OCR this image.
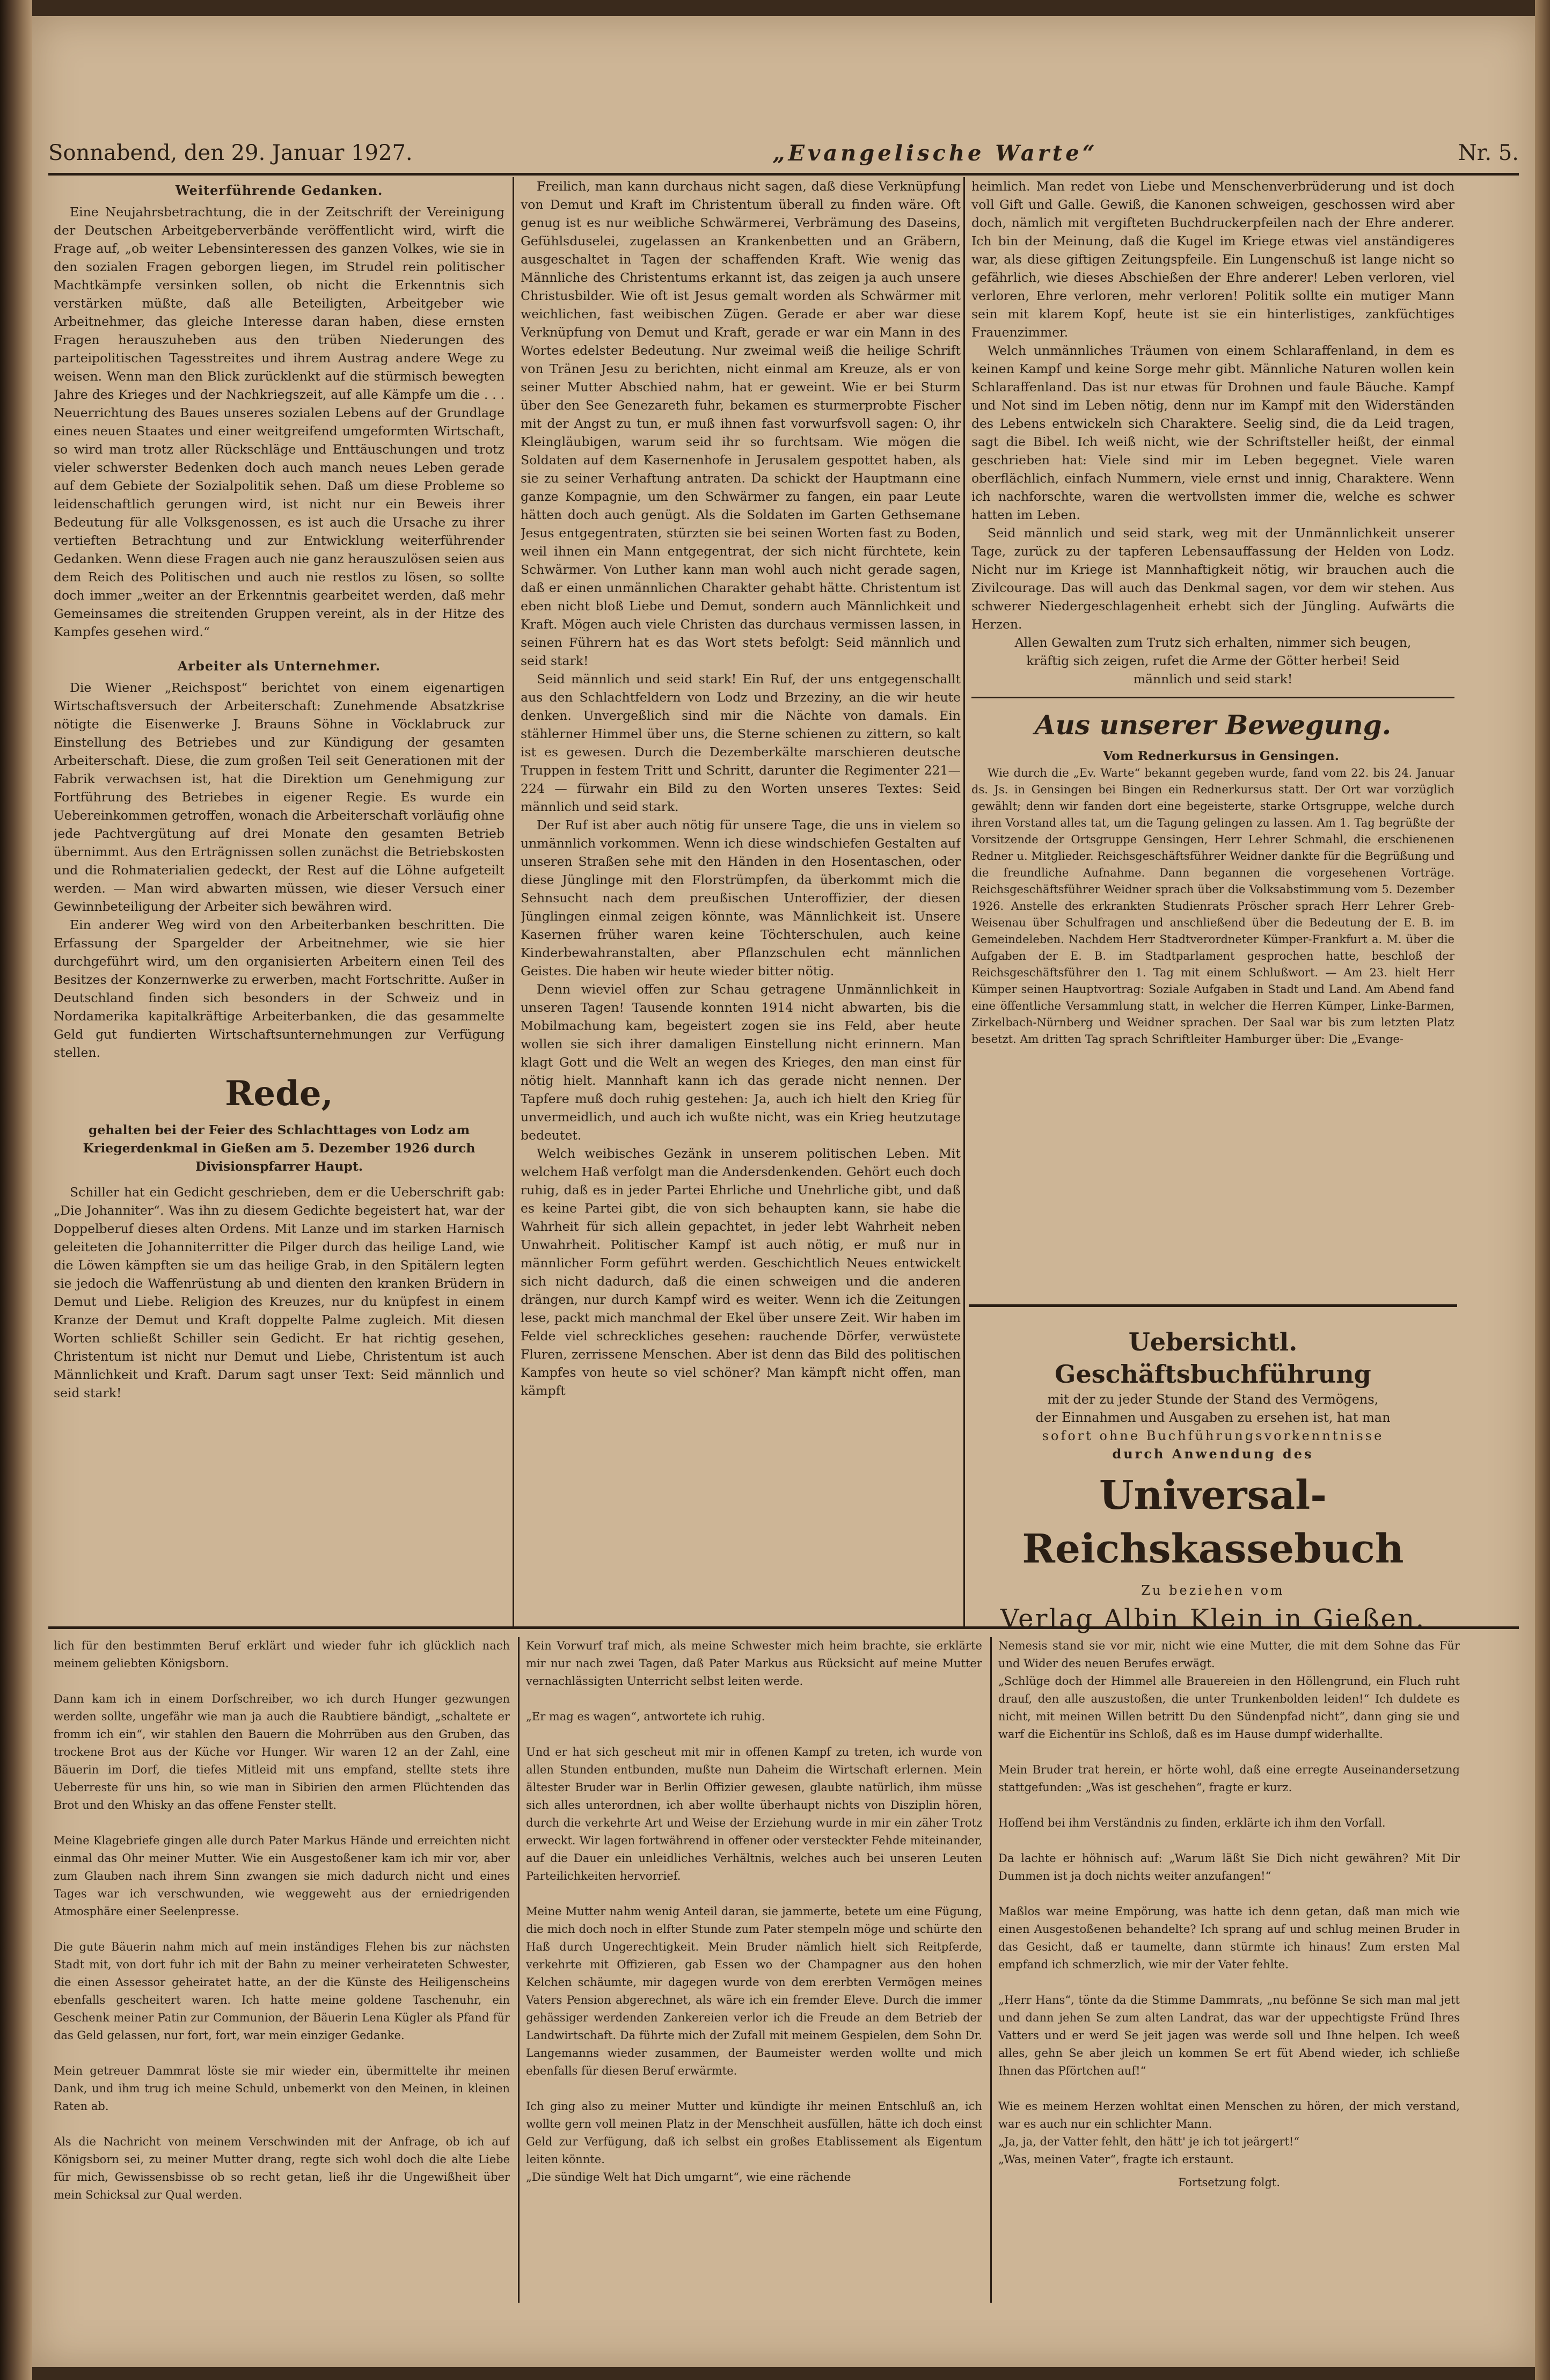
Sonnabend, den 29. Januar 1927.	„Evangelische Warte“	Nr. 5.
Weiterführende Gedanken.

Eine Neujahrsbetrachtung, die in der Zeitschrift der Vereinigung der Deutschen Arbeitgeberverbände veröffentlicht wird, wirft die Frage auf, „ob weiter Lebensinteressen des ganzen Volkes, wie sie in den sozialen Fragen geborgen liegen, im Strudel rein politischer Machtkämpfe versinken sollen, ob nicht die Erkenntnis sich verstärken müßte, daß alle Beteiligten, Arbeitgeber wie Arbeitnehmer, das gleiche Interesse daran haben, diese ernsten Fragen herauszuheben aus den trüben Niederungen des parteipolitischen Tagesstreites und ihrem Austrag andere Wege zu weisen. Wenn man den Blick zurücklenkt auf die stürmisch bewegten Jahre des Krieges und der Nachkriegszeit, auf alle Kämpfe um die . . . Neuerrichtung des Baues unseres sozialen Lebens auf der Grundlage eines neuen Staates und einer weitgreifend umgeformten Wirtschaft, so wird man trotz aller Rückschläge und Enttäuschungen und trotz vieler schwerster Bedenken doch auch manch neues Leben gerade auf dem Gebiete der Sozialpolitik sehen. Daß um diese Probleme so leidenschaftlich gerungen wird, ist nicht nur ein Beweis ihrer Bedeutung für alle Volksgenossen, es ist auch die Ursache zu ihrer vertieften Betrachtung und zur Entwicklung weiterführender Gedanken. Wenn diese Fragen auch nie ganz herauszulösen seien aus dem Reich des Politischen und auch nie restlos zu lösen, so sollte doch immer „weiter an der Erkenntnis gearbeitet werden, daß mehr Gemeinsames die streitenden Gruppen vereint, als in der Hitze des Kampfes gesehen wird.“

Arbeiter als Unternehmer.

Die Wiener „Reichspost“ berichtet von einem eigenartigen Wirtschaftsversuch der Arbeiterschaft: Zunehmende Absatzkrise nötigte die Eisenwerke J. Brauns Söhne in Vöcklabruck zur Einstellung des Betriebes und zur Kündigung der gesamten Arbeiterschaft. Diese, die zum großen Teil seit Generationen mit der Fabrik verwachsen ist, hat die Direktion um Genehmigung zur Fortführung des Betriebes in eigener Regie. Es wurde ein Uebereinkommen getroffen, wonach die Arbeiterschaft vorläufig ohne jede Pachtvergütung auf drei Monate den gesamten Betrieb übernimmt. Aus den Erträgnissen sollen zunächst die Betriebskosten und die Rohmaterialien gedeckt, der Rest auf die Löhne aufgeteilt werden. — Man wird abwarten müssen, wie dieser Versuch einer Gewinnbeteiligung der Arbeiter sich bewähren wird.

Ein anderer Weg wird von den Arbeiterbanken beschritten. Die Erfassung der Spargelder der Arbeitnehmer, wie sie hier durchgeführt wird, um den organisierten Arbeitern einen Teil des Besitzes der Konzernwerke zu erwerben, macht Fortschritte. Außer in Deutschland finden sich besonders in der Schweiz und in Nordamerika kapitalkräftige Arbeiterbanken, die das gesammelte Geld gut fundierten Wirtschaftsunternehmungen zur Verfügung stellen.

Rede,

gehalten bei der Feier des Schlachttages von Lodz am Kriegerdenkmal in Gießen am 5. Dezember 1926 durch Divisionspfarrer Haupt.

Schiller hat ein Gedicht geschrieben, dem er die Ueberschrift gab: „Die Johanniter“. Was ihn zu diesem Gedichte begeistert hat, war der Doppelberuf dieses alten Ordens. Mit Lanze und im starken Harnisch geleiteten die Johanniterritter die Pilger durch das heilige Land, wie die Löwen kämpften sie um das heilige Grab, in den Spitälern legten sie jedoch die Waffenrüstung ab und dienten den kranken Brüdern in Demut und Liebe. Religion des Kreuzes, nur du knüpfest in einem Kranze der Demut und Kraft doppelte Palme zugleich. Mit diesen Worten schließt Schiller sein Gedicht. Er hat richtig gesehen, Christentum ist nicht nur Demut und Liebe, Christentum ist auch Männlichkeit und Kraft. Darum sagt unser Text: Seid männlich und seid stark!

Freilich, man kann durchaus nicht sagen, daß diese Verknüpfung von Demut und Kraft im Christentum überall zu finden wäre. Oft genug ist es nur weibliche Schwärmerei, Verbrämung des Daseins, Gefühlsduselei, zugelassen an Krankenbetten und an Gräbern, ausgeschaltet in Tagen der schaffenden Kraft. Wie wenig das Männliche des Christentums erkannt ist, das zeigen ja auch unsere Christusbilder. Wie oft ist Jesus gemalt worden als Schwärmer mit weichlichen, fast weibischen Zügen. Gerade er aber war diese Verknüpfung von Demut und Kraft, gerade er war ein Mann in des Wortes edelster Bedeutung. Nur zweimal weiß die heilige Schrift von Tränen Jesu zu berichten, nicht einmal am Kreuze, als er von seiner Mutter Abschied nahm, hat er geweint. Wie er bei Sturm über den See Genezareth fuhr, bekamen es sturmerprobte Fischer mit der Angst zu tun, er muß ihnen fast vorwurfsvoll sagen: O, ihr Kleingläubigen, warum seid ihr so furchtsam. Wie mögen die Soldaten auf dem Kasernenhofe in Jerusalem gespottet haben, als sie zu seiner Verhaftung antraten. Da schickt der Hauptmann eine ganze Kompagnie, um den Schwärmer zu fangen, ein paar Leute hätten doch auch genügt. Als die Soldaten im Garten Gethsemane Jesus entgegentraten, stürzten sie bei seinen Worten fast zu Boden, weil ihnen ein Mann entgegentrat, der sich nicht fürchtete, kein Schwärmer. Von Luther kann man wohl auch nicht gerade sagen, daß er einen unmännlichen Charakter gehabt hätte. Christentum ist eben nicht bloß Liebe und Demut, sondern auch Männlichkeit und Kraft. Mögen auch viele Christen das durchaus vermissen lassen, in seinen Führern hat es das Wort stets befolgt: Seid männlich und seid stark!

Seid männlich und seid stark! Ein Ruf, der uns entgegenschallt aus den Schlachtfeldern von Lodz und Brzeziny, an die wir heute denken. Unvergeßlich sind mir die Nächte von damals. Ein stählerner Himmel über uns, die Sterne schienen zu zittern, so kalt ist es gewesen. Durch die Dezemberkälte marschieren deutsche Truppen in festem Tritt und Schritt, darunter die Regimenter 221—224 — fürwahr ein Bild zu den Worten unseres Textes: Seid männlich und seid stark.

Der Ruf ist aber auch nötig für unsere Tage, die uns in vielem so unmännlich vorkommen. Wenn ich diese windschiefen Gestalten auf unseren Straßen sehe mit den Händen in den Hosentaschen, oder diese Jünglinge mit den Florstrümpfen, da überkommt mich die Sehnsucht nach dem preußischen Unteroffizier, der diesen Jünglingen einmal zeigen könnte, was Männlichkeit ist. Unsere Kasernen früher waren keine Töchterschulen, auch keine Kinderbewahranstalten, aber Pflanzschulen echt männlichen Geistes. Die haben wir heute wieder bitter nötig.

Denn wieviel offen zur Schau getragene Unmännlichkeit in unseren Tagen! Tausende konnten 1914 nicht abwarten, bis die Mobilmachung kam, begeistert zogen sie ins Feld, aber heute wollen sie sich ihrer damaligen Einstellung nicht erinnern. Man klagt Gott und die Welt an wegen des Krieges, den man einst für nötig hielt. Mannhaft kann ich das gerade nicht nennen. Der Tapfere muß doch ruhig gestehen: Ja, auch ich hielt den Krieg für unvermeidlich, und auch ich wußte nicht, was ein Krieg heutzutage bedeutet.

Welch weibisches Gezänk in unserem politischen Leben. Mit welchem Haß verfolgt man die Andersdenkenden. Gehört euch doch ruhig, daß es in jeder Partei Ehrliche und Unehrliche gibt, und daß es keine Partei gibt, die von sich behaupten kann, sie habe die Wahrheit für sich allein gepachtet, in jeder lebt Wahrheit neben Unwahrheit. Politischer Kampf ist auch nötig, er muß nur in männlicher Form geführt werden. Geschichtlich Neues entwickelt sich nicht dadurch, daß die einen schweigen und die anderen drängen, nur durch Kampf wird es weiter. Wenn ich die Zeitungen lese, packt mich manchmal der Ekel über unsere Zeit. Wir haben im Felde viel schreckliches gesehen: rauchende Dörfer, verwüstete Fluren, zerrissene Menschen. Aber ist denn das Bild des politischen Kampfes von heute so viel schöner? Man kämpft nicht offen, man kämpft

heimlich. Man redet von Liebe und Menschenverbrüderung und ist doch voll Gift und Galle. Gewiß, die Kanonen schweigen, geschossen wird aber doch, nämlich mit vergifteten Buchdruckerpfeilen nach der Ehre anderer. Ich bin der Meinung, daß die Kugel im Kriege etwas viel anständigeres war, als diese giftigen Zeitungspfeile. Ein Lungenschuß ist lange nicht so gefährlich, wie dieses Abschießen der Ehre anderer! Leben verloren, viel verloren, Ehre verloren, mehr verloren! Politik sollte ein mutiger Mann sein mit klarem Kopf, heute ist sie ein hinterlistiges, zankfüchtiges Frauenzimmer.

Welch unmännliches Träumen von einem Schlaraffenland, in dem es keinen Kampf und keine Sorge mehr gibt. Männliche Naturen wollen kein Schlaraffenland. Das ist nur etwas für Drohnen und faule Bäuche. Kampf und Not sind im Leben nötig, denn nur im Kampf mit den Widerständen des Lebens entwickeln sich Charaktere. Seelig sind, die da Leid tragen, sagt die Bibel. Ich weiß nicht, wie der Schriftsteller heißt, der einmal geschrieben hat: Viele sind mir im Leben begegnet. Viele waren oberflächlich, einfach Nummern, viele ernst und innig, Charaktere. Wenn ich nachforschte, waren die wertvollsten immer die, welche es schwer hatten im Leben.

Seid männlich und seid stark, weg mit der Unmännlichkeit unserer Tage, zurück zu der tapferen Lebensauffassung der Helden von Lodz. Nicht nur im Kriege ist Mannhaftigkeit nötig, wir brauchen auch die Zivilcourage. Das will auch das Denkmal sagen, vor dem wir stehen. Aus schwerer Niedergeschlagenheit erhebt sich der Jüngling. Aufwärts die Herzen.

Allen Gewalten zum Trutz sich erhalten, nimmer sich beugen, kräftig sich zeigen, rufet die Arme der Götter herbei! Seid männlich und seid stark!

Aus unserer Bewegung.

Vom Rednerkursus in Gensingen.

Wie durch die „Ev. Warte“ bekannt gegeben wurde, fand vom 22. bis 24. Januar ds. Js. in Gensingen bei Bingen ein Rednerkursus statt. Der Ort war vorzüglich gewählt; denn wir fanden dort eine begeisterte, starke Ortsgruppe, welche durch ihren Vorstand alles tat, um die Tagung gelingen zu lassen. Am 1. Tag begrüßte der Vorsitzende der Ortsgruppe Gensingen, Herr Lehrer Schmahl, die erschienenen Redner u. Mitglieder. Reichsgeschäftsführer Weidner dankte für die Begrüßung und die freundliche Aufnahme. Dann begannen die vorgesehenen Vorträge. Reichsgeschäftsführer Weidner sprach über die Volksabstimmung vom 5. Dezember 1926. Anstelle des erkrankten Studienrats Pröscher sprach Herr Lehrer Greb-Weisenau über Schulfragen und anschließend über die Bedeutung der E. B. im Gemeindeleben. Nachdem Herr Stadtverordneter Kümper-Frankfurt a. M. über die Aufgaben der E. B. im Stadtparlament gesprochen hatte, beschloß der Reichsgeschäftsführer den 1. Tag mit einem Schlußwort. — Am 23. hielt Herr Kümper seinen Hauptvortrag: Soziale Aufgaben in Stadt und Land. Am Abend fand eine öffentliche Versammlung statt, in welcher die Herren Kümper, Linke-Barmen, Zirkelbach-Nürnberg und Weidner sprachen. Der Saal war bis zum letzten Platz besetzt. Am dritten Tag sprach Schriftleiter Hamburger über: Die „Evange-

Uebersichtl. Geschäftsbuchführung
mit der zu jeder Stunde der Stand des Vermögens,
der Einnahmen und Ausgaben zu ersehen ist, hat man
sofort ohne Buchführungsvorkenntnisse
durch Anwendung des
Universal-Reichskassebuch
Zu beziehen vom
Verlag Albin Klein in Gießen.
lich für den bestimmten Beruf erklärt und wieder fuhr ich glücklich nach meinem geliebten Königsborn.

Dann kam ich in einem Dorfschreiber, wo ich durch Hunger gezwungen werden sollte, ungefähr wie man ja auch die Raubtiere bändigt, „schaltete er fromm ich ein“, wir stahlen den Bauern die Mohrrüben aus den Gruben, das trockene Brot aus der Küche vor Hunger. Wir waren 12 an der Zahl, eine Bäuerin im Dorf, die tiefes Mitleid mit uns empfand, stellte stets ihre Ueberreste für uns hin, so wie man in Sibirien den armen Flüchtenden das Brot und den Whisky an das offene Fenster stellt.

Meine Klagebriefe gingen alle durch Pater Markus Hände und erreichten nicht einmal das Ohr meiner Mutter. Wie ein Ausgestoßener kam ich mir vor, aber zum Glauben nach ihrem Sinn zwangen sie mich dadurch nicht und eines Tages war ich verschwunden, wie weggeweht aus der erniedrigenden Atmosphäre einer Seelenpresse.

Die gute Bäuerin nahm mich auf mein inständiges Flehen bis zur nächsten Stadt mit, von dort fuhr ich mit der Bahn zu meiner verheirateten Schwester, die einen Assessor geheiratet hatte, an der die Künste des Heiligenscheins ebenfalls gescheitert waren. Ich hatte meine goldene Taschenuhr, ein Geschenk meiner Patin zur Communion, der Bäuerin Lena Kügler als Pfand für das Geld gelassen, nur fort, fort, war mein einziger Gedanke.

Mein getreuer Dammrat löste sie mir wieder ein, übermittelte ihr meinen Dank, und ihm trug ich meine Schuld, unbemerkt von den Meinen, in kleinen Raten ab.

Als die Nachricht von meinem Verschwinden mit der Anfrage, ob ich auf Königsborn sei, zu meiner Mutter drang, regte sich wohl doch die alte Liebe für mich, Gewissensbisse ob so recht getan, ließ ihr die Ungewißheit über mein Schicksal zur Qual werden.
Kein Vorwurf traf mich, als meine Schwester mich heim brachte, sie erklärte mir nur nach zwei Tagen, daß Pater Markus aus Rücksicht auf meine Mutter vernachlässigten Unterricht selbst leiten werde.

„Er mag es wagen“, antwortete ich ruhig.

Und er hat sich gescheut mit mir in offenen Kampf zu treten, ich wurde von allen Stunden entbunden, mußte nun Daheim die Wirtschaft erlernen. Mein ältester Bruder war in Berlin Offizier gewesen, glaubte natürlich, ihm müsse sich alles unterordnen, ich aber wollte überhaupt nichts von Disziplin hören, durch die verkehrte Art und Weise der Erziehung wurde in mir ein zäher Trotz erweckt. Wir lagen fortwährend in offener oder versteckter Fehde miteinander, auf die Dauer ein unleidliches Verhältnis, welches auch bei unseren Leuten Parteilichkeiten hervorrief.

Meine Mutter nahm wenig Anteil daran, sie jammerte, betete um eine Fügung, die mich doch noch in elfter Stunde zum Pater stempeln möge und schürte den Haß durch Ungerechtigkeit. Mein Bruder nämlich hielt sich Reitpferde, verkehrte mit Offizieren, gab Essen wo der Champagner aus den hohen Kelchen schäumte, mir dagegen wurde von dem ererbten Vermögen meines Vaters Pension abgerechnet, als wäre ich ein fremder Eleve. Durch die immer gehässiger werdenden Zankereien verlor ich die Freude an dem Betrieb der Landwirtschaft. Da führte mich der Zufall mit meinem Gespielen, dem Sohn Dr. Langemanns wieder zusammen, der Baumeister werden wollte und mich ebenfalls für diesen Beruf erwärmte.

Ich ging also zu meiner Mutter und kündigte ihr meinen Entschluß an, ich wollte gern voll meinen Platz in der Menschheit ausfüllen, hätte ich doch einst Geld zur Verfügung, daß ich selbst ein großes Etablissement als Eigentum leiten könnte.
„Die sündige Welt hat Dich umgarnt“, wie eine rächende
Nemesis stand sie vor mir, nicht wie eine Mutter, die mit dem Sohne das Für und Wider des neuen Berufes erwägt.
„Schlüge doch der Himmel alle Brauereien in den Höllengrund, ein Fluch ruht drauf, den alle auszustoßen, die unter Trunkenbolden leiden!“ Ich duldete es nicht, mit meinen Willen betritt Du den Sündenpfad nicht“, dann ging sie und warf die Eichentür ins Schloß, daß es im Hause dumpf widerhallte.

Mein Bruder trat herein, er hörte wohl, daß eine erregte Auseinandersetzung stattgefunden: „Was ist geschehen“, fragte er kurz.

Hoffend bei ihm Verständnis zu finden, erklärte ich ihm den Vorfall.

Da lachte er höhnisch auf: „Warum läßt Sie Dich nicht gewähren? Mit Dir Dummen ist ja doch nichts weiter anzufangen!“

Maßlos war meine Empörung, was hatte ich denn getan, daß man mich wie einen Ausgestoßenen behandelte? Ich sprang auf und schlug meinen Bruder in das Gesicht, daß er taumelte, dann stürmte ich hinaus! Zum ersten Mal empfand ich schmerzlich, wie mir der Vater fehlte.

„Herr Hans“, tönte da die Stimme Dammrats, „nu befönne Se sich man mal jett und dann jehen Se zum alten Landrat, das war der uppechtigste Fründ Ihres Vatters und er werd Se jeit jagen was werde soll und Ihne helpen. Ich weeß alles, gehn Se aber jleich un kommen Se ert füt Abend wieder, ich schließe Ihnen das Pförtchen auf!“

Wie es meinem Herzen wohltat einen Menschen zu hören, der mich verstand, war es auch nur ein schlichter Mann.
„Ja, ja, der Vatter fehlt, den hätt' je ich tot jeärgert!“
„Was, meinen Vater“, fragte ich erstaunt.
Fortsetzung folgt.
